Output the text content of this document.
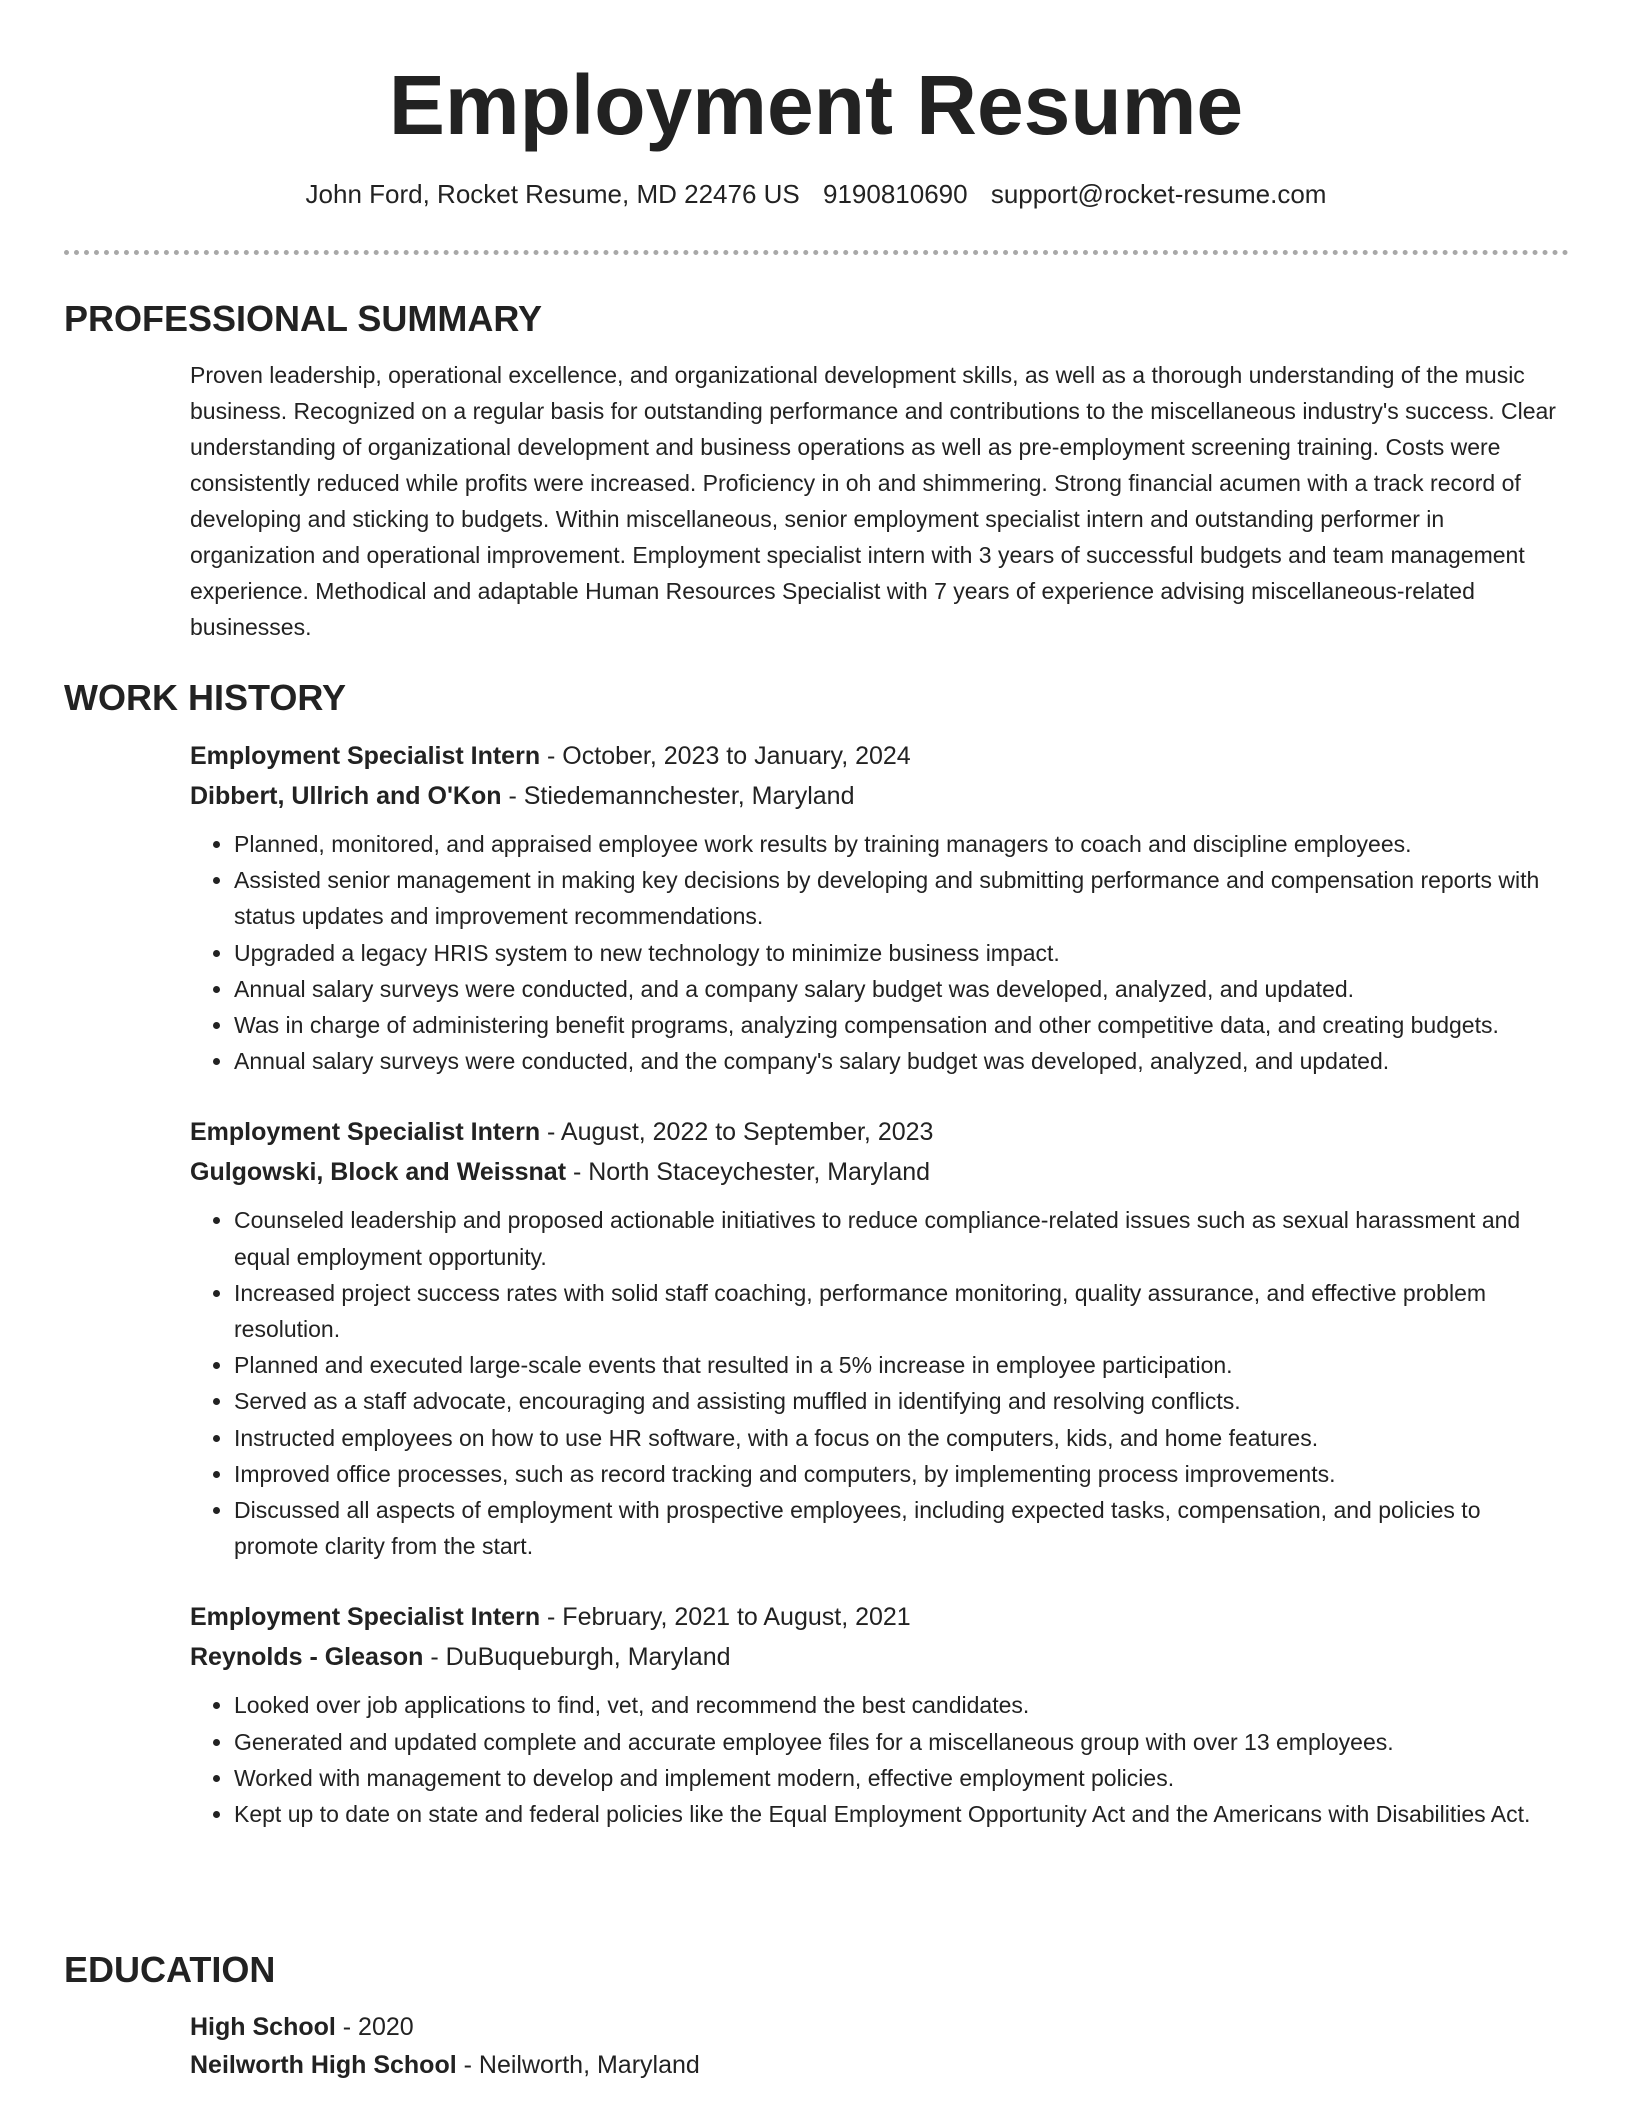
Employment Resume
John Ford, Rocket Resume, MD 22476 US 9190810690 support@rocket-resume.com
PROFESSIONAL SUMMARY
Proven leadership, operational excellence, and organizational development skills, as well as a thorough understanding of the music business. Recognized on a regular basis for outstanding performance and contributions to the miscellaneous industry's success. Clear understanding of organizational development and business operations as well as pre-employment screening training. Costs were consistently reduced while profits were increased. Proficiency in oh and shimmering. Strong financial acumen with a track record of developing and sticking to budgets. Within miscellaneous, senior employment specialist intern and outstanding performer in organization and operational improvement. Employment specialist intern with 3 years of successful budgets and team management experience. Methodical and adaptable Human Resources Specialist with 7 years of experience advising miscellaneous-related businesses.
WORK HISTORY
Employment Specialist Intern - October, 2023 to January, 2024
Dibbert, Ullrich and O'Kon - Stiedemannchester, Maryland
• Planned, monitored, and appraised employee work results by training managers to coach and discipline employees.
• Assisted senior management in making key decisions by developing and submitting performance and compensation reports with status updates and improvement recommendations.
• Upgraded a legacy HRIS system to new technology to minimize business impact.
• Annual salary surveys were conducted, and a company salary budget was developed, analyzed, and updated.
• Was in charge of administering benefit programs, analyzing compensation and other competitive data, and creating budgets.
• Annual salary surveys were conducted, and the company's salary budget was developed, analyzed, and updated.
Employment Specialist Intern - August, 2022 to September, 2023
Gulgowski, Block and Weissnat - North Staceychester, Maryland
• Counseled leadership and proposed actionable initiatives to reduce compliance-related issues such as sexual harassment and equal employment opportunity.
• Increased project success rates with solid staff coaching, performance monitoring, quality assurance, and effective problem resolution.
• Planned and executed large-scale events that resulted in a 5% increase in employee participation.
• Served as a staff advocate, encouraging and assisting muffled in identifying and resolving conflicts.
• Instructed employees on how to use HR software, with a focus on the computers, kids, and home features.
• Improved office processes, such as record tracking and computers, by implementing process improvements.
• Discussed all aspects of employment with prospective employees, including expected tasks, compensation, and policies to promote clarity from the start.
Employment Specialist Intern - February, 2021 to August, 2021
Reynolds - Gleason - DuBuqueburgh, Maryland
• Looked over job applications to find, vet, and recommend the best candidates.
• Generated and updated complete and accurate employee files for a miscellaneous group with over 13 employees.
• Worked with management to develop and implement modern, effective employment policies.
• Kept up to date on state and federal policies like the Equal Employment Opportunity Act and the Americans with Disabilities Act.
EDUCATION
High School - 2020
Neilworth High School - Neilworth, Maryland
